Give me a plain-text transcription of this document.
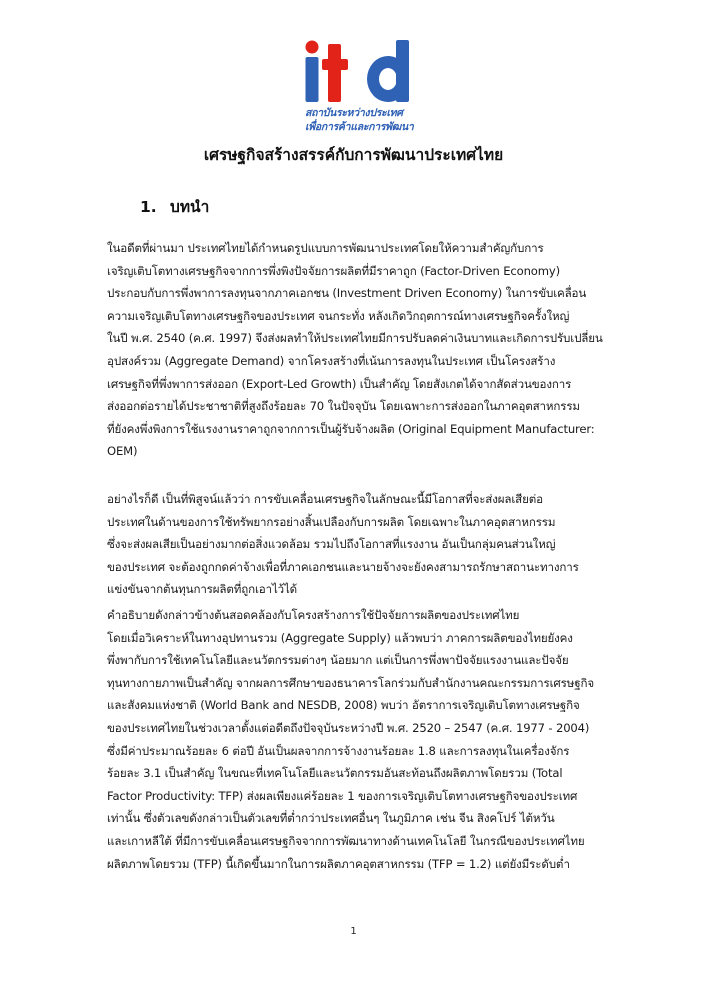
สถาบันระหว่างประเทศ
เพื่อการค้าและการพัฒนา
เศรษฐกิจสร้างสรรค์กับการพัฒนาประเทศไทย
1. บทนำ
ในอดีตที่ผ่านมา ประเทศไทยได้กำหนดรูปแบบการพัฒนาประเทศโดยให้ความสำคัญกับการ
เจริญเติบโตทางเศรษฐกิจจากการพึ่งพิงปัจจัยการผลิตที่มีราคาถูก (Factor-Driven Economy)
ประกอบกับการพึ่งพาการลงทุนจากภาคเอกชน (Investment Driven Economy) ในการขับเคลื่อน
ความเจริญเติบโตทางเศรษฐกิจของประเทศ จนกระทั่ง หลังเกิดวิกฤตการณ์ทางเศรษฐกิจครั้งใหญ่
ในปี พ.ศ. 2540 (ค.ศ. 1997) จึงส่งผลทำให้ประเทศไทยมีการปรับลดค่าเงินบาทและเกิดการปรับเปลี่ยน
อุปสงค์รวม (Aggregate Demand) จากโครงสร้างที่เน้นการลงทุนในประเทศ เป็นโครงสร้าง
เศรษฐกิจที่พึ่งพาการส่งออก (Export-Led Growth) เป็นสำคัญ โดยสังเกตได้จากสัดส่วนของการ
ส่งออกต่อรายได้ประชาชาติที่สูงถึงร้อยละ 70 ในปัจจุบัน โดยเฉพาะการส่งออกในภาคอุตสาหกรรม
ที่ยังคงพึ่งพิงการใช้แรงงานราคาถูกจากการเป็นผู้รับจ้างผลิต (Original Equipment Manufacturer:
OEM)
อย่างไรก็ดี เป็นที่พิสูจน์แล้วว่า การขับเคลื่อนเศรษฐกิจในลักษณะนี้มีโอกาสที่จะส่งผลเสียต่อ
ประเทศในด้านของการใช้ทรัพยากรอย่างสิ้นเปลืองกับการผลิต โดยเฉพาะในภาคอุตสาหกรรม
ซึ่งจะส่งผลเสียเป็นอย่างมากต่อสิ่งแวดล้อม รวมไปถึงโอกาสที่แรงงาน อันเป็นกลุ่มคนส่วนใหญ่
ของประเทศ จะต้องถูกกดค่าจ้างเพื่อที่ภาคเอกชนและนายจ้างจะยังคงสามารถรักษาสถานะทางการ
แข่งขันจากต้นทุนการผลิตที่ถูกเอาไว้ได้
คำอธิบายดังกล่าวข้างต้นสอดคล้องกับโครงสร้างการใช้ปัจจัยการผลิตของประเทศไทย
โดยเมื่อวิเคราะห์ในทางอุปทานรวม (Aggregate Supply) แล้วพบว่า ภาคการผลิตของไทยยังคง
พึ่งพากับการใช้เทคโนโลยีและนวัตกรรมต่างๆ น้อยมาก แต่เป็นการพึ่งพาปัจจัยแรงงานและปัจจัย
ทุนทางกายภาพเป็นสำคัญ จากผลการศึกษาของธนาคารโลกร่วมกับสำนักงานคณะกรรมการเศรษฐกิจ
และสังคมแห่งชาติ (World Bank and NESDB, 2008) พบว่า อัตราการเจริญเติบโตทางเศรษฐกิจ
ของประเทศไทยในช่วงเวลาตั้งแต่อดีตถึงปัจจุบันระหว่างปี พ.ศ. 2520 – 2547 (ค.ศ. 1977 - 2004)
ซึ่งมีค่าประมาณร้อยละ 6 ต่อปี อันเป็นผลจากการจ้างงานร้อยละ 1.8 และการลงทุนในเครื่องจักร
ร้อยละ 3.1 เป็นสำคัญ ในขณะที่เทคโนโลยีและนวัตกรรมอันสะท้อนถึงผลิตภาพโดยรวม (Total
Factor Productivity: TFP) ส่งผลเพียงแค่ร้อยละ 1 ของการเจริญเติบโตทางเศรษฐกิจของประเทศ
เท่านั้น ซึ่งตัวเลขดังกล่าวเป็นตัวเลขที่ต่ำกว่าประเทศอื่นๆ ในภูมิภาค เช่น จีน สิงคโปร์ ไต้หวัน
และเกาหลีใต้ ที่มีการขับเคลื่อนเศรษฐกิจจากการพัฒนาทางด้านเทคโนโลยี ในกรณีของประเทศไทย
ผลิตภาพโดยรวม (TFP) นี้เกิดขึ้นมากในการผลิตภาคอุตสาหกรรม (TFP = 1.2) แต่ยังมีระดับต่ำ
1
